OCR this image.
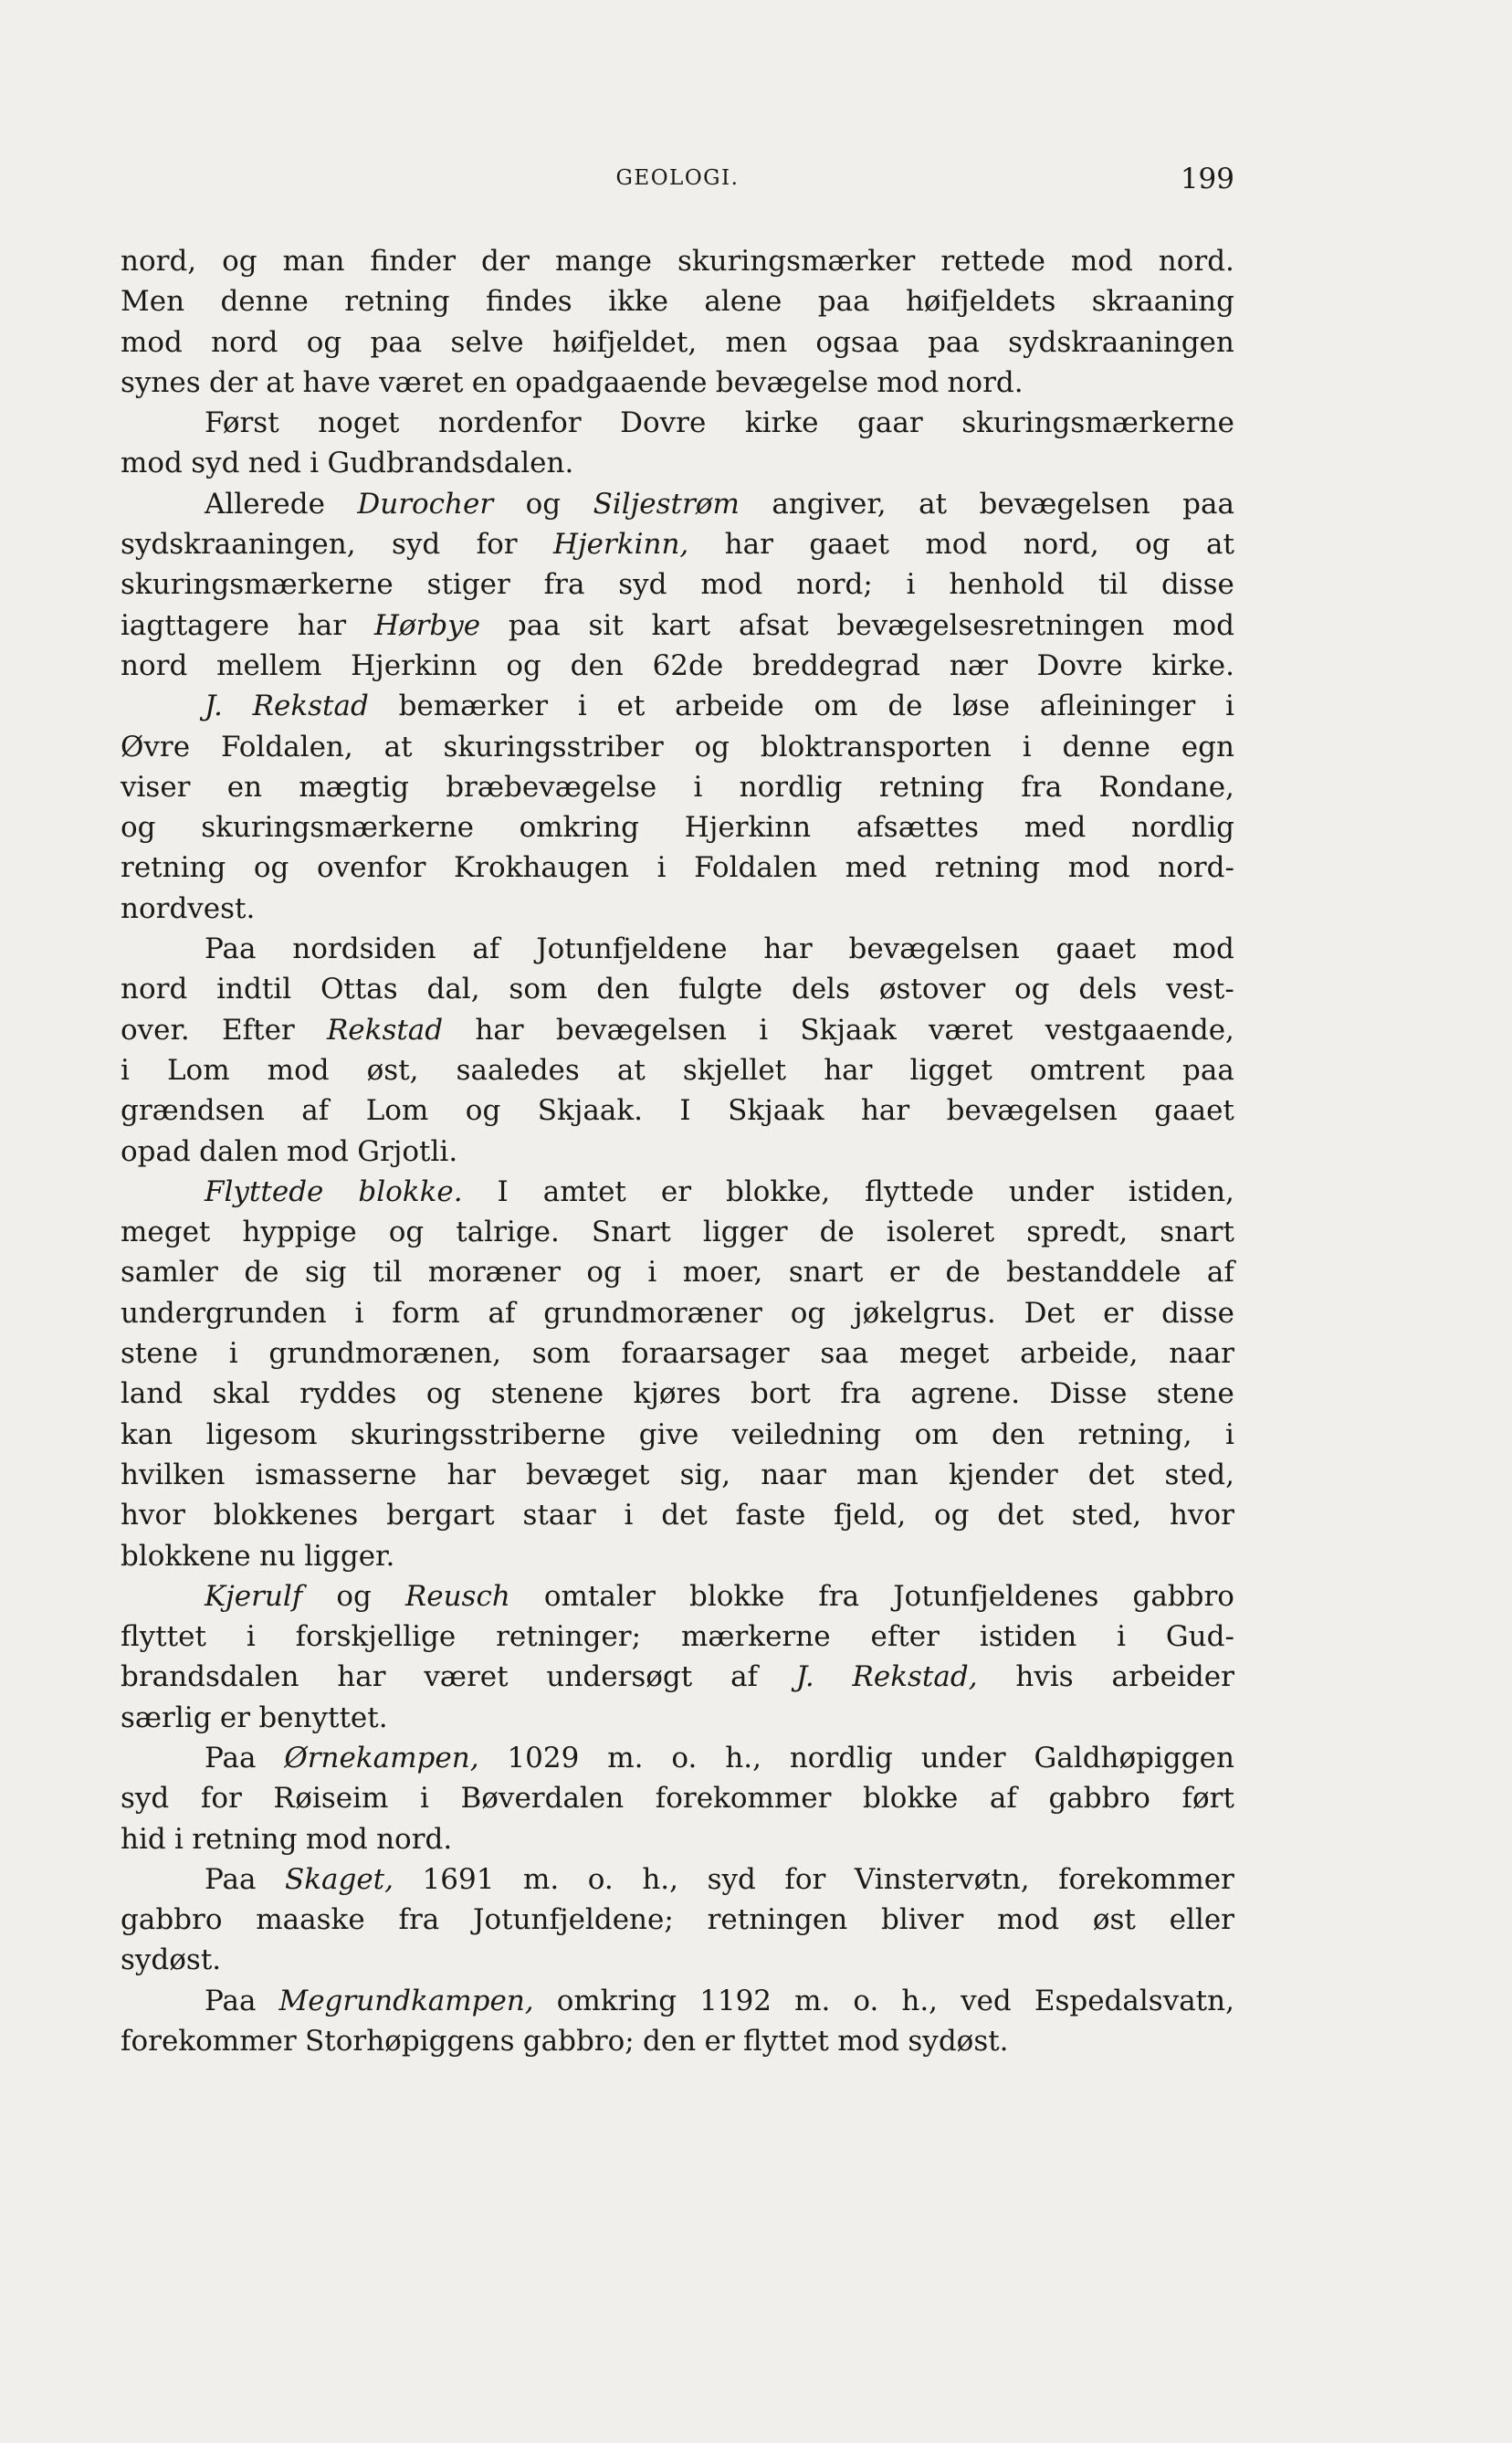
GEOLOGI.	199
nord, og man finder der mange skuringsmærker rettede mod nord.
Men denne retning findes ikke alene paa høifjeldets skraaning
mod nord og paa selve høifjeldet, men ogsaa paa sydskraaningen
synes der at have været en opadgaaende bevægelse mod nord.
Først noget nordenfor Dovre kirke gaar skuringsmærkerne
mod syd ned i Gudbrandsdalen.
Allerede Durocher og Siljestrøm angiver, at bevægelsen paa
sydskraaningen, syd for Hjerkinn, har gaaet mod nord, og at
skuringsmærkerne stiger fra syd mod nord; i henhold til disse
iagttagere har Hørbye paa sit kart afsat bevægelsesretningen mod
nord mellem Hjerkinn og den 62de breddegrad nær Dovre kirke.
J. Rekstad bemærker i et arbeide om de løse afleininger i
Øvre Foldalen, at skuringsstriber og bloktransporten i denne egn
viser en mægtig bræbevægelse i nordlig retning fra Rondane,
og skuringsmærkerne omkring Hjerkinn afsættes med nordlig
retning og ovenfor Krokhaugen i Foldalen med retning mod nord-
nordvest.
Paa nordsiden af Jotunfjeldene har bevægelsen gaaet mod
nord indtil Ottas dal, som den fulgte dels østover og dels vest-
over. Efter Rekstad har bevægelsen i Skjaak været vestgaaende,
i Lom mod øst, saaledes at skjellet har ligget omtrent paa
grændsen af Lom og Skjaak. I Skjaak har bevægelsen gaaet
opad dalen mod Grjotli.
Flyttede blokke. I amtet er blokke, flyttede under istiden,
meget hyppige og talrige. Snart ligger de isoleret spredt, snart
samler de sig til moræner og i moer, snart er de bestanddele af
undergrunden i form af grundmoræner og jøkelgrus. Det er disse
stene i grundmorænen, som foraarsager saa meget arbeide, naar
land skal ryddes og stenene kjøres bort fra agrene. Disse stene
kan ligesom skuringsstriberne give veiledning om den retning, i
hvilken ismasserne har bevæget sig, naar man kjender det sted,
hvor blokkenes bergart staar i det faste fjeld, og det sted, hvor
blokkene nu ligger.
Kjerulf og Reusch omtaler blokke fra Jotunfjeldenes gabbro
flyttet i forskjellige retninger; mærkerne efter istiden i Gud-
brandsdalen har været undersøgt af J. Rekstad, hvis arbeider
særlig er benyttet.
Paa Ørnekampen, 1029 m. o. h., nordlig under Galdhøpiggen
syd for Røiseim i Bøverdalen forekommer blokke af gabbro ført
hid i retning mod nord.
Paa Skaget, 1691 m. o. h., syd for Vinstervøtn, forekommer
gabbro maaske fra Jotunfjeldene; retningen bliver mod øst eller
sydøst.
Paa Megrundkampen, omkring 1192 m. o. h., ved Espedalsvatn,
forekommer Storhøpiggens gabbro; den er flyttet mod sydøst.
